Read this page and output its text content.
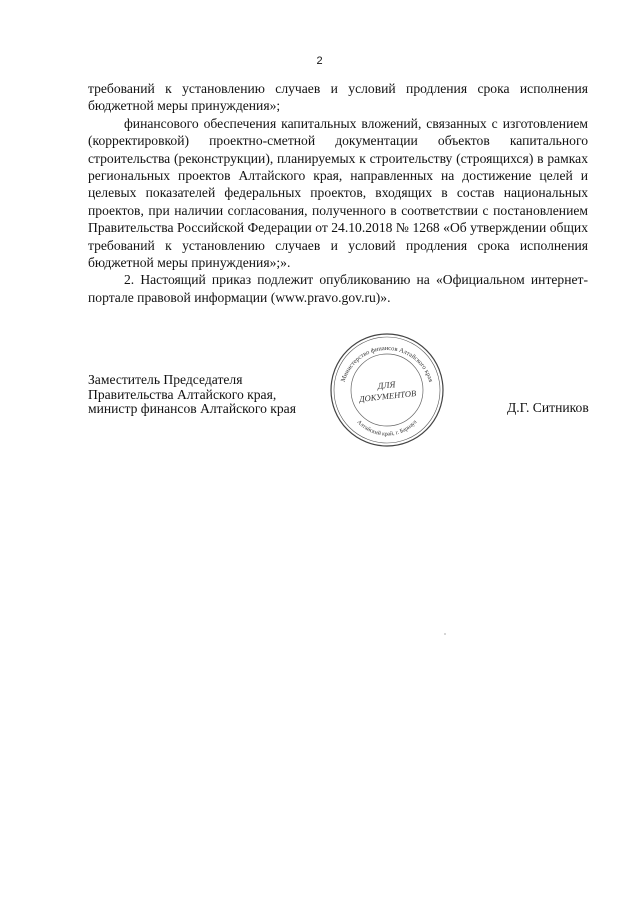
2

требований к установлению случаев и условий продления срока исполнения бюджетной меры принуждения»;

финансового обеспечения капитальных вложений, связанных с изготовлением (корректировкой) проектно-сметной документации объектов капитального строительства (реконструкции), планируемых к строительству (строящихся) в рамках региональных проектов Алтайского края, направленных на достижение целей и целевых показателей федеральных проектов, входящих в состав национальных проектов, при наличии согласования, полученного в соответствии с постановлением Правительства Российской Федерации от 24.10.2018 № 1268 «Об утверждении общих требований к установлению случаев и условий продления срока исполнения бюджетной меры принуждения»;».

2. Настоящий приказ подлежит опубликованию на «Официальном интернет-портале правовой информации (www.pravo.gov.ru)».

Заместитель Председателя
Правительства Алтайского края,
министр финансов Алтайского края	Д.Г. Ситников
Министерство финансов Алтайского края
Алтайский край, г. Барнаул
ДЛЯ
ДОКУМЕНТОВ
